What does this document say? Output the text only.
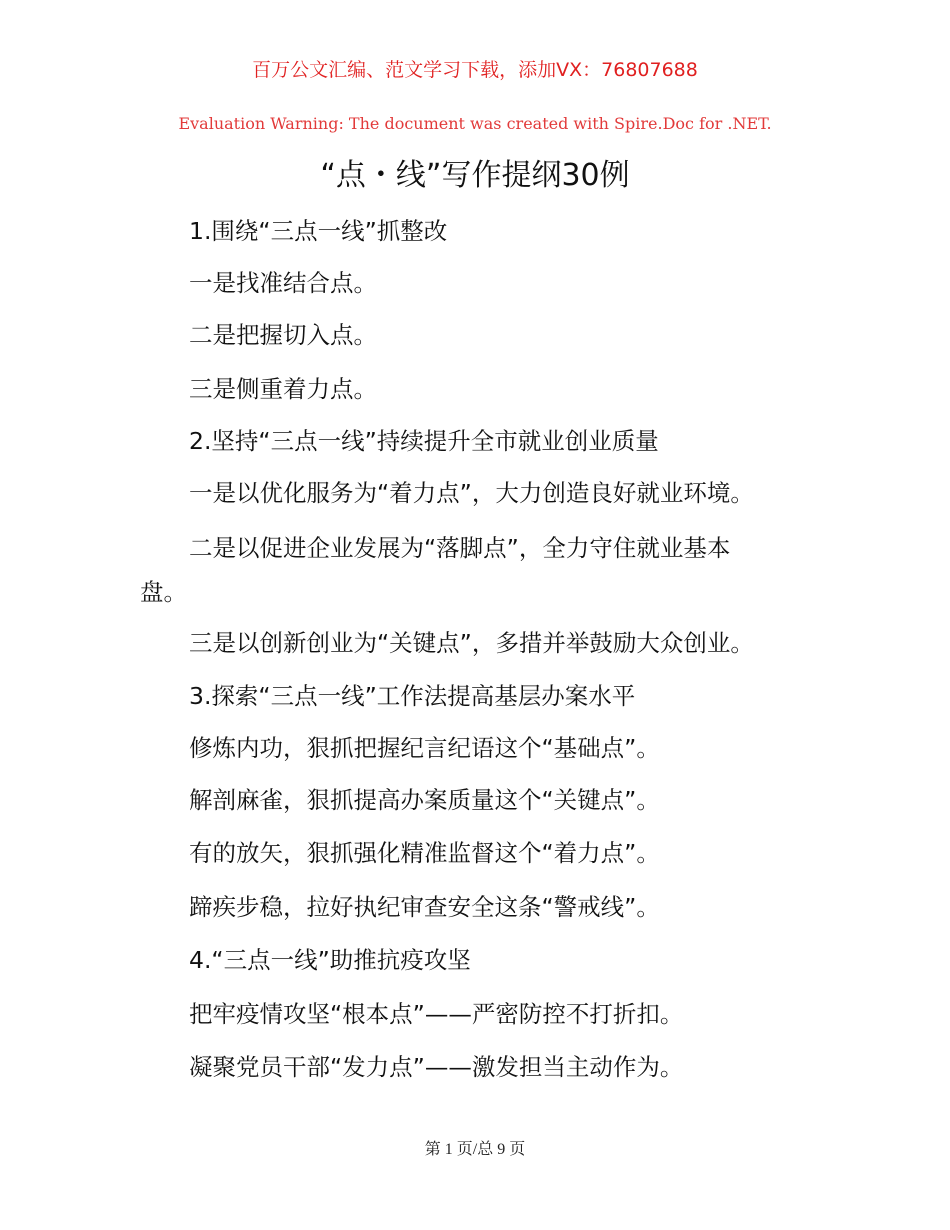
百万公文汇编、范文学习下载，添加VX：76807688
Evaluation Warning: The document was created with Spire.Doc for .NET.
“点・线”写作提纲30例
1.围绕“三点一线”抓整改
一是找准结合点。
二是把握切入点。
三是侧重着力点。
2.坚持“三点一线”持续提升全市就业创业质量
一是以优化服务为“着力点”，大力创造良好就业环境。
二是以促进企业发展为“落脚点”，全力守住就业基本
盘。
三是以创新创业为“关键点”，多措并举鼓励大众创业。
3.探索“三点一线”工作法提高基层办案水平
修炼内功，狠抓把握纪言纪语这个“基础点”。
解剖麻雀，狠抓提高办案质量这个“关键点”。
有的放矢，狠抓强化精准监督这个“着力点”。
蹄疾步稳，拉好执纪审查安全这条“警戒线”。
4.“三点一线”助推抗疫攻坚
把牢疫情攻坚“根本点”——严密防控不打折扣。
凝聚党员干部“发力点”——激发担当主动作为。
第 1 页/总 9 页
